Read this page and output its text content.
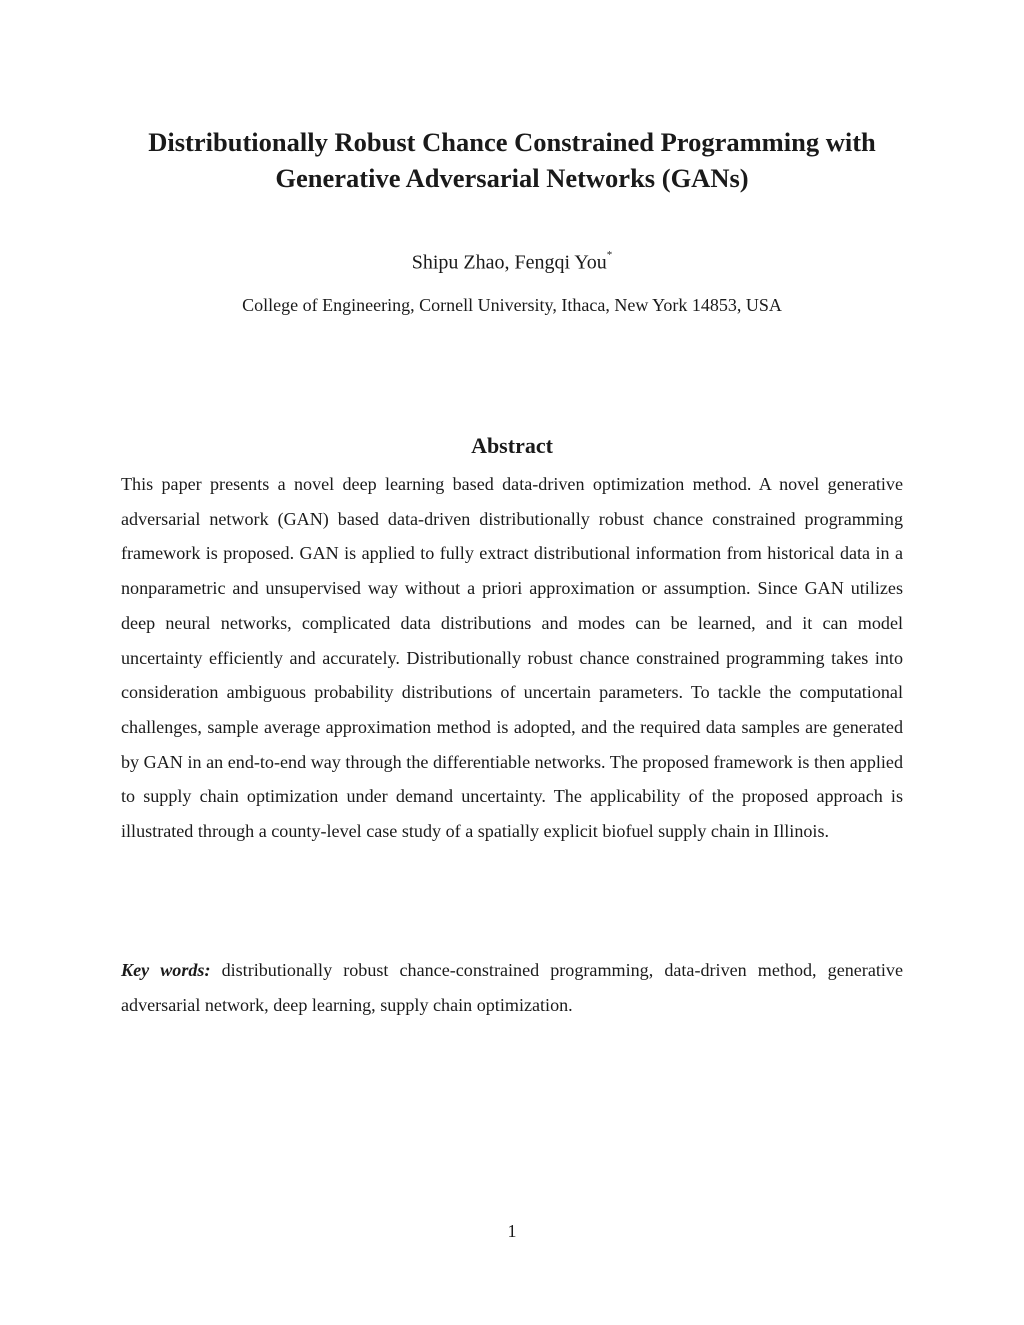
Distributionally Robust Chance Constrained Programming with
Generative Adversarial Networks (GANs)
Shipu Zhao, Fengqi You*
College of Engineering, Cornell University, Ithaca, New York 14853, USA
Abstract

This paper presents a novel deep learning based data-driven optimization method. A novel generative adversarial network (GAN) based data-driven distributionally robust chance constrained programming framework is proposed. GAN is applied to fully extract distributional information from historical data in a nonparametric and unsupervised way without a priori approximation or assumption. Since GAN utilizes deep neural networks, complicated data distributions and modes can be learned, and it can model uncertainty efficiently and accurately. Distributionally robust chance constrained programming takes into consideration ambiguous probability distributions of uncertain parameters. To tackle the computational challenges, sample average approximation method is adopted, and the required data samples are generated by GAN in an end-to-end way through the differentiable networks. The proposed framework is then applied to supply chain optimization under demand uncertainty. The applicability of the proposed approach is illustrated through a county-level case study of a spatially explicit biofuel supply chain in Illinois.

Key words: distributionally robust chance-constrained programming, data-driven method, generative adversarial network, deep learning, supply chain optimization.

1
